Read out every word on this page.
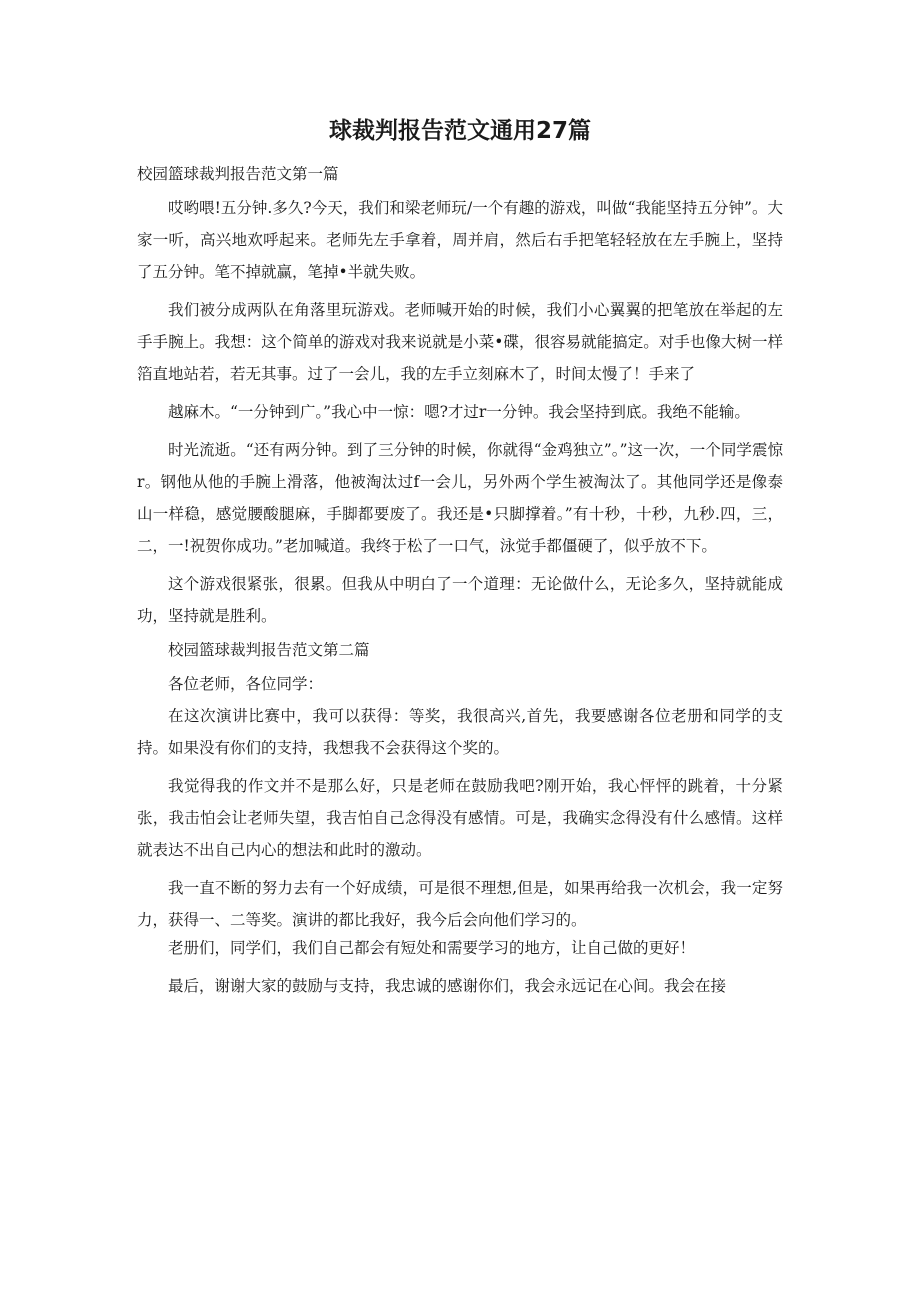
球裁判报告范文通用27篇

校园篮球裁判报告范文第一篇

哎哟喂!五分钟.多久?今天，我们和梁老师玩/一个有趣的游戏，叫做“我能坚持五分钟”。大家一听，高兴地欢呼起来。老师先左手拿着，周并肩，然后右手把笔轻轻放在左手腕上，坚持了五分钟。笔不掉就赢，笔掉•半就失败。

我们被分成两队在角落里玩游戏。老师喊开始的时候，我们小心翼翼的把笔放在举起的左手手腕上。我想：这个简单的游戏对我来说就是小菜•碟，很容易就能搞定。对手也像大树一样箔直地站若，若无其事。过了一会儿，我的左手立刻麻木了，时间太慢了！手来了

越麻木。“一分钟到广。”我心中一惊：嗯?才过r一分钟。我会坚持到底。我绝不能输。

时光流逝。“还有两分钟。到了三分钟的时候，你就得“金鸡独立”。”这一次，一个同学震惊r。钢他从他的手腕上滑落，他被淘汰过f一会儿，另外两个学生被淘汰了。其他同学还是像泰山一样稳，感觉腰酸腿麻，手脚都要废了。我还是•只脚撑着。”有十秒，十秒，九秒.四，三，二，一!祝贺你成功。”老加喊道。我终于松了一口气，泳觉手都僵硬了，似乎放不下。

这个游戏很紧张，很累。但我从中明白了一个道理：无论做什么，无论多久，坚持就能成功，坚持就是胜利。

校园篮球裁判报告范文第二篇

各位老师，各位同学：

在这次演讲比赛中，我可以获得：等奖，我很高兴,首先，我要感谢各位老册和同学的支持。如果没有你们的支持，我想我不会获得这个奖的。

我觉得我的作文并不是那么好，只是老师在鼓励我吧?刚开始，我心怦怦的跳着，十分紧张，我击怕会让老师失望，我吉怕自己念得没有感情。可是，我确实念得没有什么感情。这样就表达不出自己内心的想法和此时的激动。

我一直不断的努力去有一个好成绩，可是很不理想,但是，如果再给我一次机会，我一定努力，获得一、二等奖。演讲的都比我好，我今后会向他们学习的。

老册们，同学们，我们自己都会有短处和需要学习的地方，让自己做的更好！

最后，谢谢大家的鼓励与支持，我忠诚的感谢你们，我会永远记在心间。我会在接
